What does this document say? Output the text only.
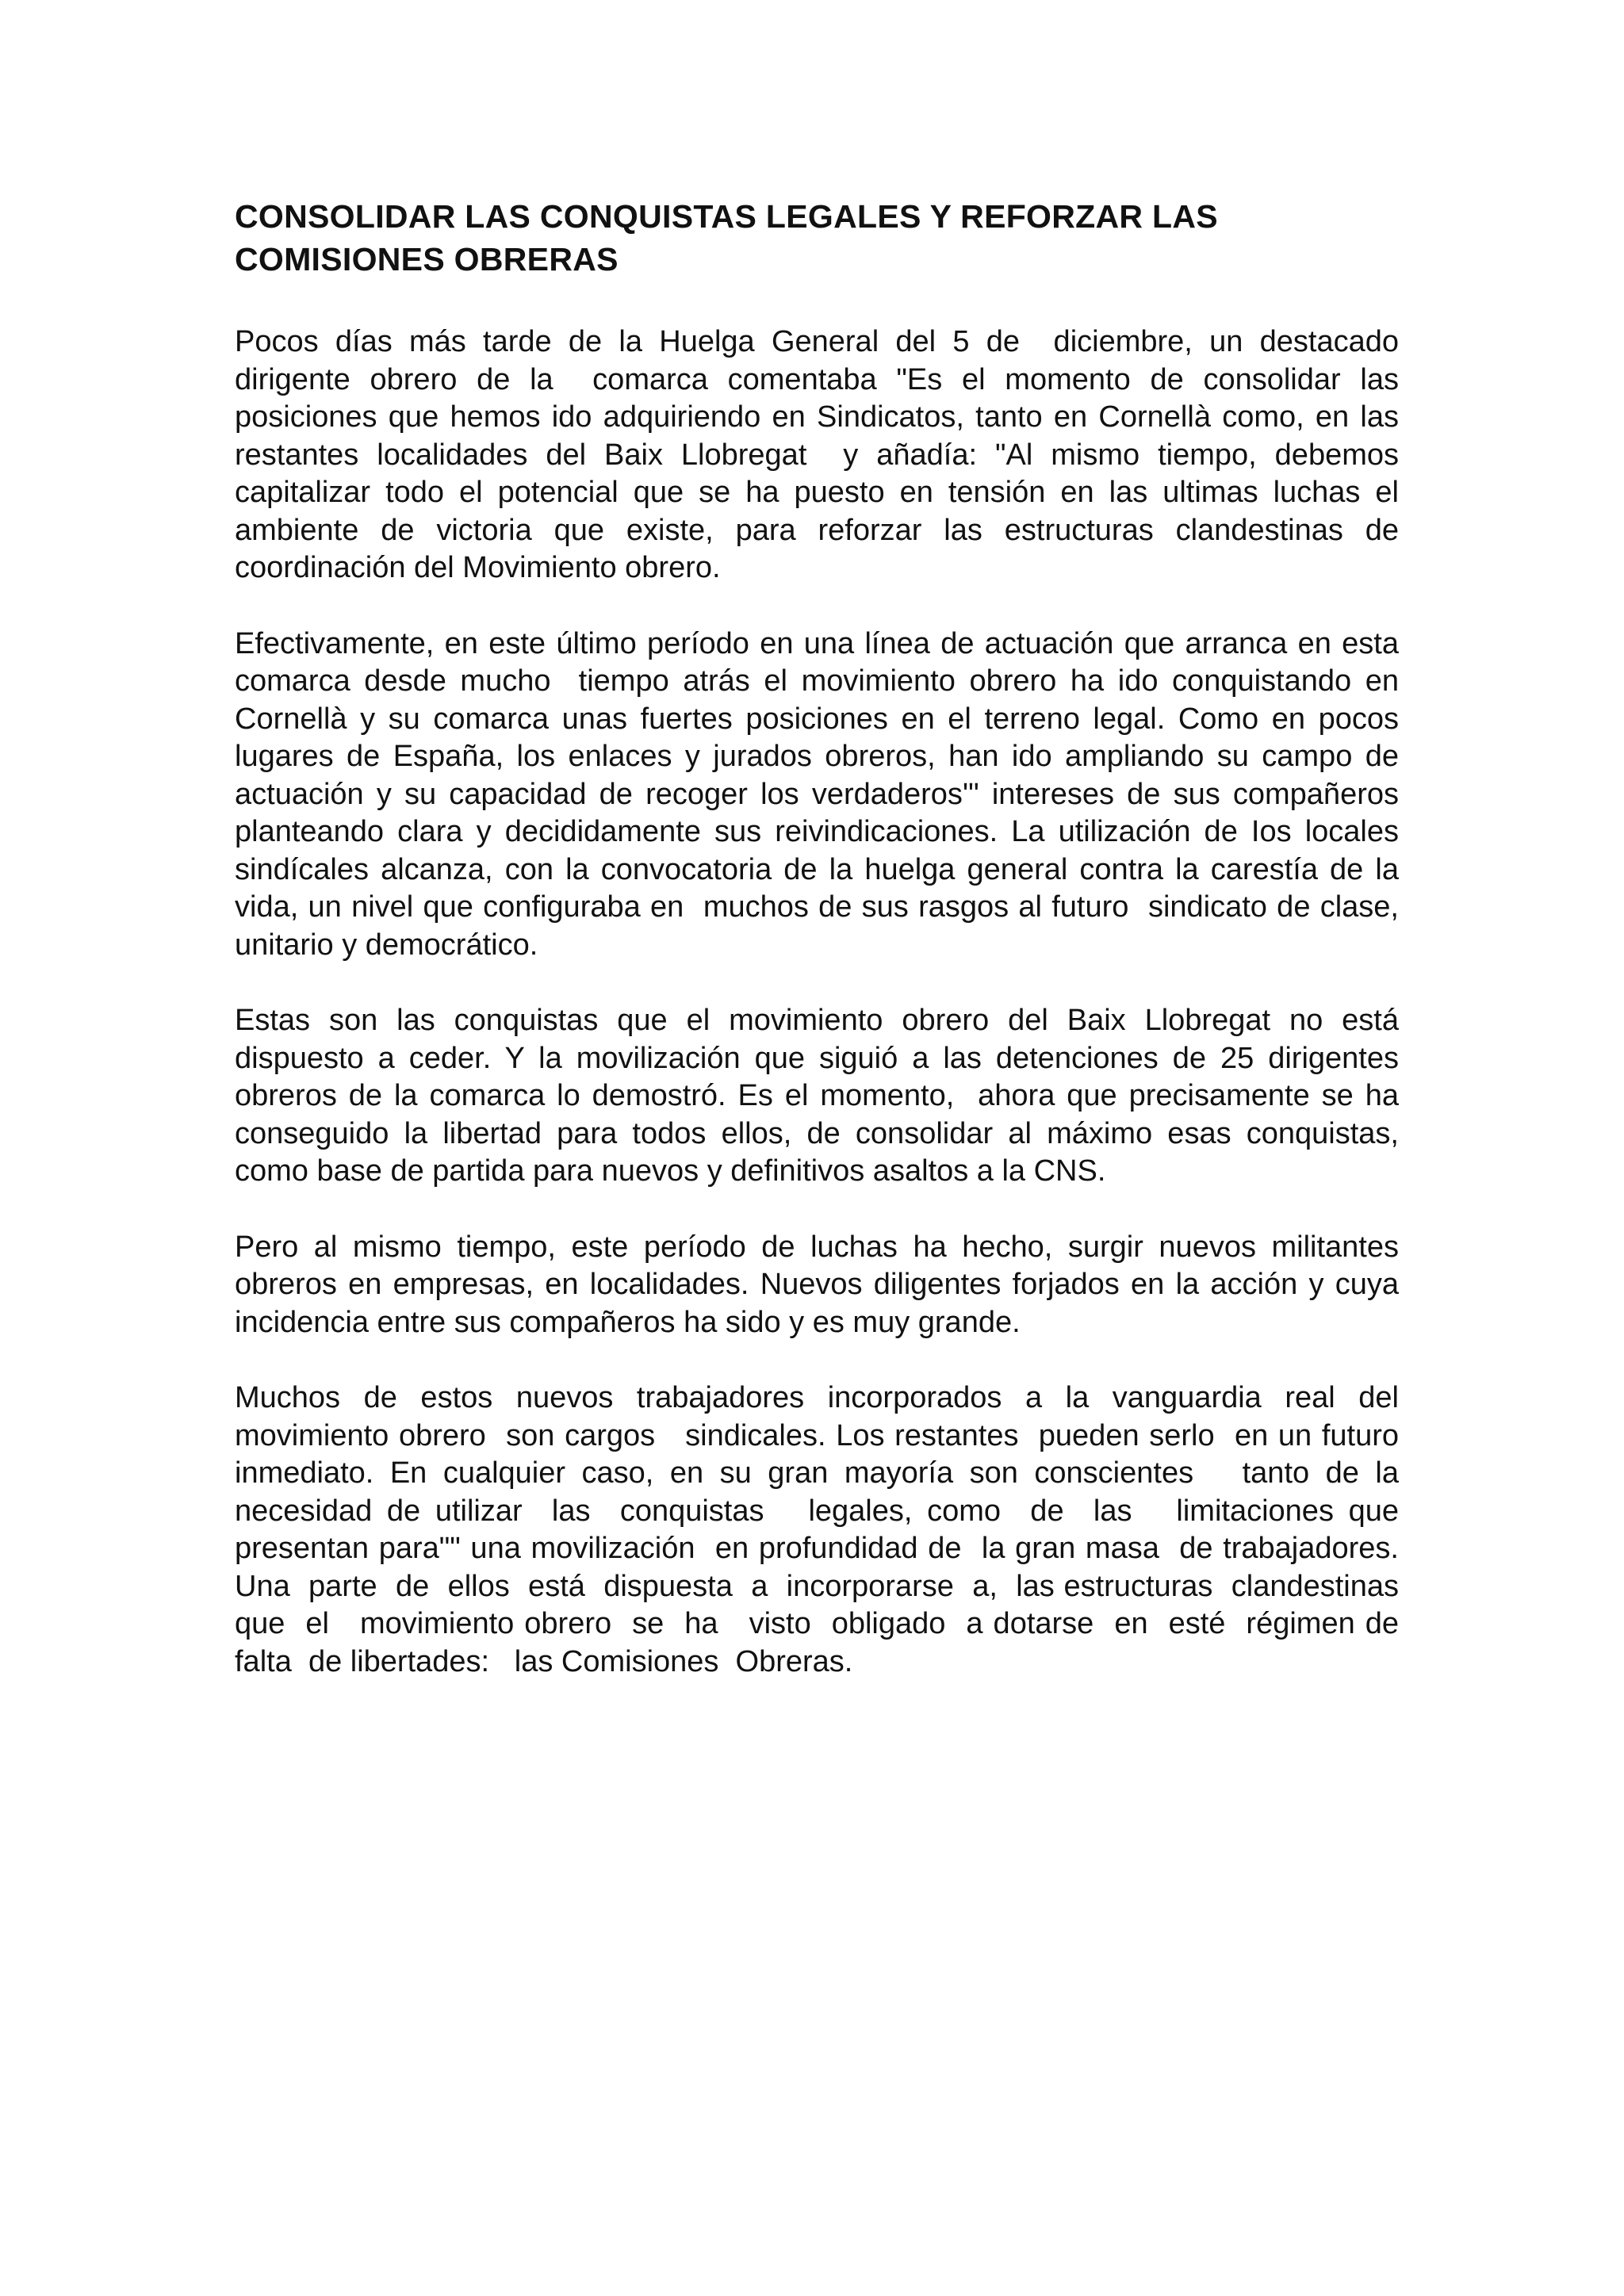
CONSOLIDAR LAS CONQUISTAS LEGALES Y REFORZAR LAS COMISIONES OBRERAS

Pocos días más tarde de la Huelga General del 5 de  diciembre, un destacado dirigente obrero de la  comarca comentaba "Es el momento de consolidar las posiciones que hemos ido adquiriendo en Sindicatos, tanto en Cornellà como, en las   restantes localidades del Baix Llobregat  y añadía: "Al mismo tiempo, debemos capitalizar todo el potencial que se ha puesto en tensión en las ultimas luchas el ambiente de victoria que existe, para reforzar las estructuras clandestinas de coordinación del Movimiento obrero.

Efectivamente, en este último período en una línea de actuación que arranca en esta comarca desde mucho  tiempo atrás el movimiento obrero ha ido conquistando en Cornellà y su comarca unas fuertes posiciones en el terreno legal. Como en pocos lugares de España, los enlaces y jurados obreros, han ido ampliando su campo de actuación y su capacidad de recoger los verdaderos'" intereses de sus compañeros  planteando clara y decididamente sus reivindicaciones. La utilización de Ios locales sindícales alcanza, con la convocatoria de la huelga general contra la carestía de la vida, un nivel que configuraba en  muchos de sus rasgos al futuro  sindicato de clase, unitario y democrático.

Estas son las conquistas que el movimiento obrero del Baix Llobregat no está dispuesto a ceder. Y la movilización que siguió a las detenciones de 25 dirigentes obreros de la comarca lo demostró. Es el momento,  ahora que precisamente se ha conseguido la libertad para todos ellos, de consolidar al máximo esas conquistas, como base de partida para nuevos y definitivos asaltos a la CNS.

Pero al mismo tiempo, este período de luchas ha hecho, surgir nuevos militantes obreros en empresas, en localidades. Nuevos diligentes forjados en la acción y cuya incidencia entre sus compañeros ha sido y es muy grande.

Muchos de estos nuevos trabajadores incorporados a la vanguardia real del movimiento obrero  son cargos   sindicales. Los restantes  pueden serlo  en un futuro inmediato. En cualquier caso, en su gran mayoría son conscientes   tanto de la necesidad de utilizar  las  conquistas   legales, como  de  las   limitaciones que   presentan para"" una movilización  en profundidad de  la gran masa  de trabajadores.   Una  parte  de  ellos  está  dispuesta  a  incorporarse  a,  las estructuras  clandestinas que  el   movimiento obrero  se  ha   visto  obligado  a dotarse  en  esté  régimen de  falta  de libertades:   las Comisiones  Obreras.
